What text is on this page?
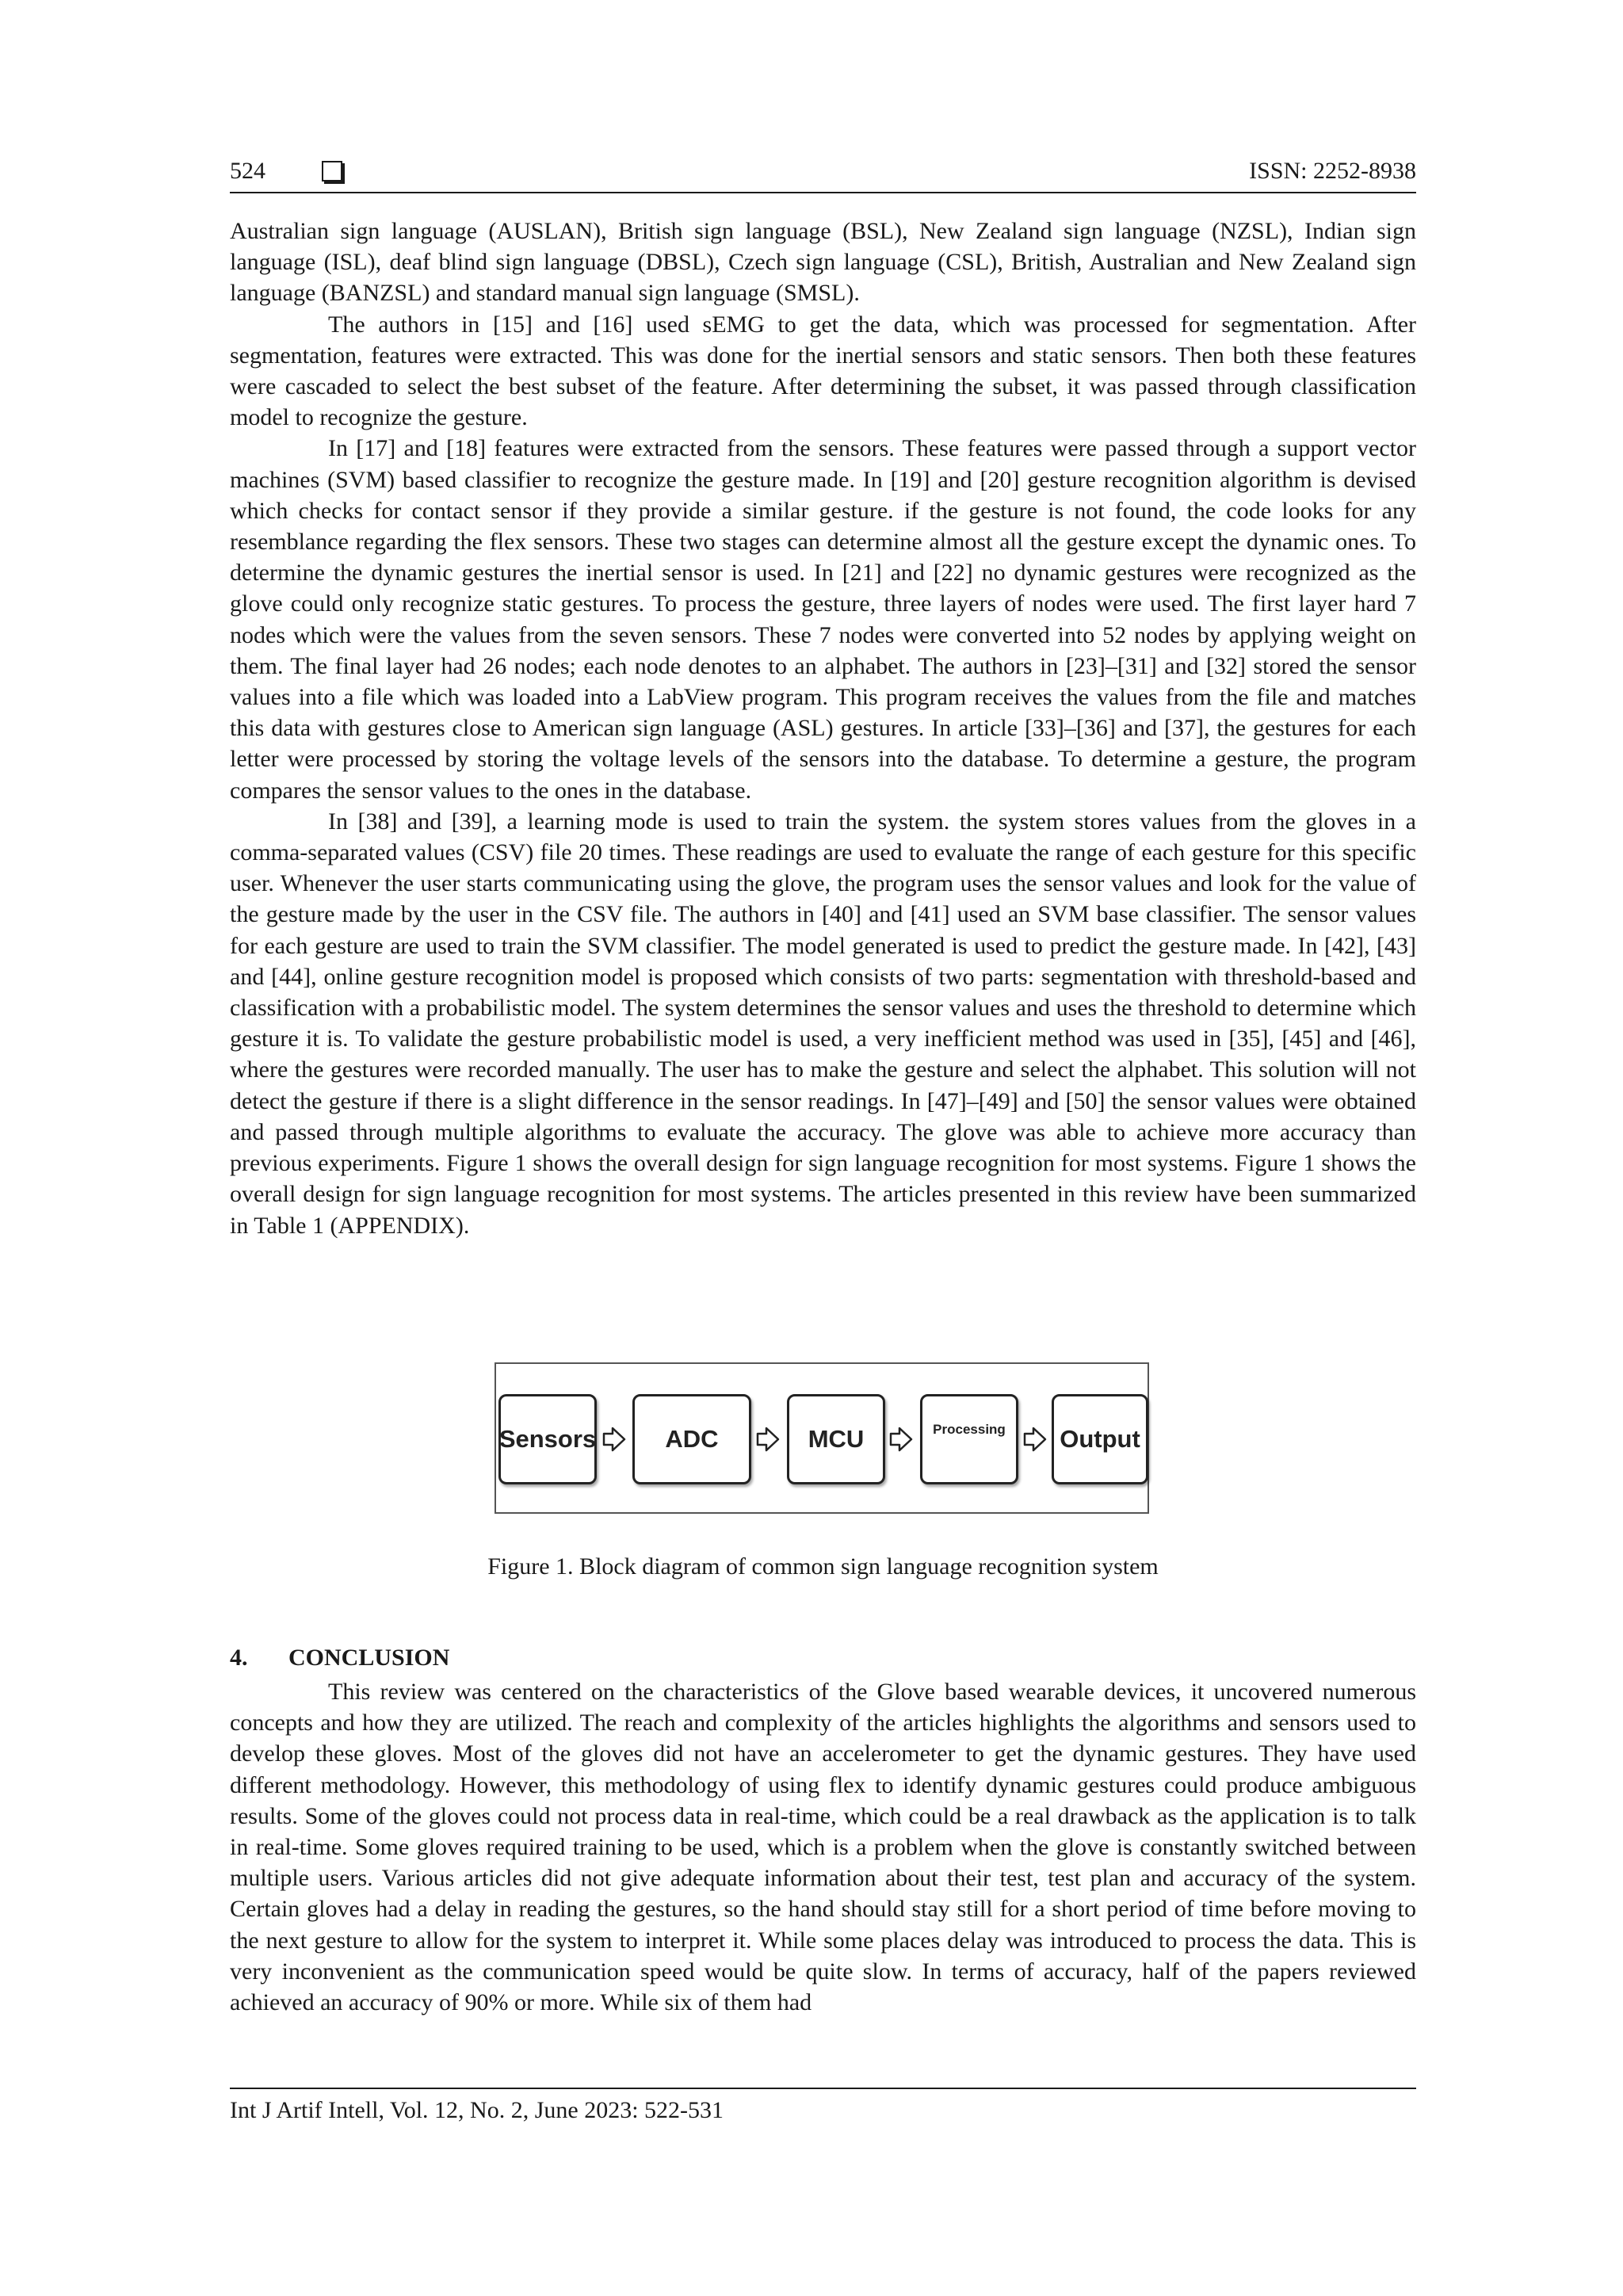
524	ISSN: 2252-8938

Australian sign language (AUSLAN), British sign language (BSL), New Zealand sign language (NZSL), Indian sign language (ISL), deaf blind sign language (DBSL), Czech sign language (CSL), British, Australian and New Zealand sign language (BANZSL) and standard manual sign language (SMSL).

The authors in [15] and [16] used sEMG to get the data, which was processed for segmentation. After segmentation, features were extracted. This was done for the inertial sensors and static sensors. Then both these features were cascaded to select the best subset of the feature. After determining the subset, it was passed through classification model to recognize the gesture.

In [17] and [18] features were extracted from the sensors. These features were passed through a support vector machines (SVM) based classifier to recognize the gesture made. In [19] and [20] gesture recognition algorithm is devised which checks for contact sensor if they provide a similar gesture. if the gesture is not found, the code looks for any resemblance regarding the flex sensors. These two stages can determine almost all the gesture except the dynamic ones. To determine the dynamic gestures the inertial sensor is used. In [21] and [22] no dynamic gestures were recognized as the glove could only recognize static gestures. To process the gesture, three layers of nodes were used. The first layer hard 7 nodes which were the values from the seven sensors. These 7 nodes were converted into 52 nodes by applying weight on them. The final layer had 26 nodes; each node denotes to an alphabet. The authors in [23]–[31] and [32] stored the sensor values into a file which was loaded into a LabView program. This program receives the values from the file and matches this data with gestures close to American sign language (ASL) gestures. In article [33]–[36] and [37], the gestures for each letter were processed by storing the voltage levels of the sensors into the database. To determine a gesture, the program compares the sensor values to the ones in the database.

In [38] and [39], a learning mode is used to train the system. the system stores values from the gloves in a comma-separated values (CSV) file 20 times. These readings are used to evaluate the range of each gesture for this specific user. Whenever the user starts communicating using the glove, the program uses the sensor values and look for the value of the gesture made by the user in the CSV file. The authors in [40] and [41] used an SVM base classifier. The sensor values for each gesture are used to train the SVM classifier. The model generated is used to predict the gesture made. In [42], [43] and [44], online gesture recognition model is proposed which consists of two parts: segmentation with threshold-based and classification with a probabilistic model. The system determines the sensor values and uses the threshold to determine which gesture it is. To validate the gesture probabilistic model is used, a very inefficient method was used in [35], [45] and [46], where the gestures were recorded manually. The user has to make the gesture and select the alphabet. This solution will not detect the gesture if there is a slight difference in the sensor readings. In [47]–[49] and [50] the sensor values were obtained and passed through multiple algorithms to evaluate the accuracy. The glove was able to achieve more accuracy than previous experiments. Figure 1 shows the overall design for sign language recognition for most systems. Figure 1 shows the overall design for sign language recognition for most systems. The articles presented in this review have been summarized in Table 1 (APPENDIX).

Sensors	ADC	MCU	Processing	Output
Figure 1. Block diagram of common sign language recognition system
4. CONCLUSION

This review was centered on the characteristics of the Glove based wearable devices, it uncovered numerous concepts and how they are utilized. The reach and complexity of the articles highlights the algorithms and sensors used to develop these gloves. Most of the gloves did not have an accelerometer to get the dynamic gestures. They have used different methodology. However, this methodology of using flex to identify dynamic gestures could produce ambiguous results. Some of the gloves could not process data in real-time, which could be a real drawback as the application is to talk in real-time. Some gloves required training to be used, which is a problem when the glove is constantly switched between multiple users. Various articles did not give adequate information about their test, test plan and accuracy of the system. Certain gloves had a delay in reading the gestures, so the hand should stay still for a short period of time before moving to the next gesture to allow for the system to interpret it. While some places delay was introduced to process the data. This is very inconvenient as the communication speed would be quite slow. In terms of accuracy, half of the papers reviewed achieved an accuracy of 90% or more. While six of them had

Int J Artif Intell, Vol. 12, No. 2, June 2023: 522-531
